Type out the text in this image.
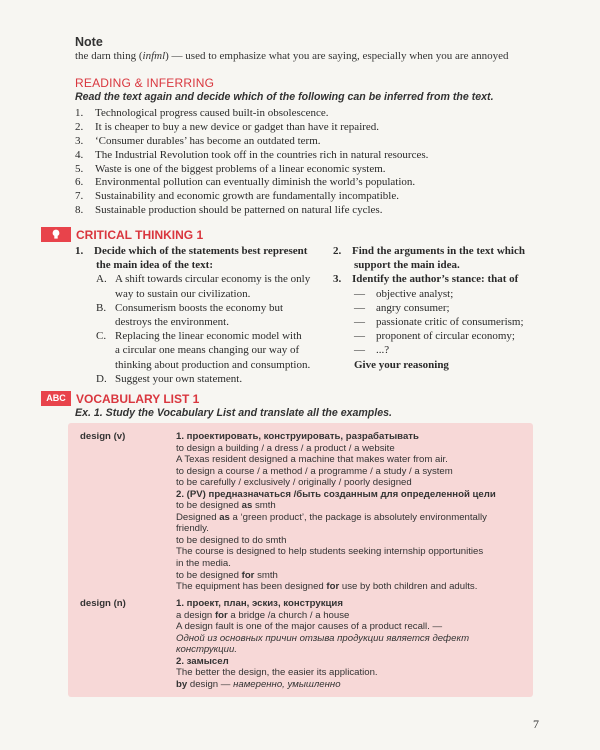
Note
the darn thing (infml) — used to emphasize what you are saying, especially when you are annoyed
READING & INFERRING
Read the text again and decide which of the following can be inferred from the text.
1. Technological progress caused built-in obsolescence.
2. It is cheaper to buy a new device or gadget than have it repaired.
3. ‘Consumer durables’ has become an outdated term.
4. The Industrial Revolution took off in the countries rich in natural resources.
5. Waste is one of the biggest problems of a linear economic system.
6. Environmental pollution can eventually diminish the world’s population.
7. Sustainability and economic growth are fundamentally incompatible.
8. Sustainable production should be patterned on natural life cycles.
CRITICAL THINKING 1
1. Decide which of the statements best represent
the main idea of the text:
A. A shift towards circular economy is the only
way to sustain our civilization.
B. Consumerism boosts the economy but
destroys the environment.
C. Replacing the linear economic model with
a circular one means changing our way of
thinking about production and consumption.
D. Suggest your own statement.
2. Find the arguments in the text which
support the main idea.
3. Identify the author’s stance: that of
— objective analyst;
— angry consumer;
— passionate critic of consumerism;
— proponent of circular economy;
— ...?
Give your reasoning
ABC VOCABULARY LIST 1
Ex. 1. Study the Vocabulary List and translate all the examples.
design (v)	1. проектировать, конструировать, разрабатывать
to design a building / a dress / a product / a website
A Texas resident designed a machine that makes water from air.
to design a course / a method / a programme / a study / a system
to be carefully / exclusively / originally / poorly designed
2. (PV) предназначаться /быть созданным для определенной цели
to be designed as smth
Designed as a ‘green product’, the package is absolutely environmentally
friendly.
to be designed to do smth
The course is designed to help students seeking internship opportunities
in the media.
to be designed for smth
The equipment has been designed for use by both children and adults.
design (n)	1. проект, план, эскиз, конструкция
a design for a bridge /a church / a house
A design fault is one of the major causes of a product recall. —
Одной из основных причин отзыва продукции является дефект
конструкции.
2. замысел
The better the design, the easier its application.
by design — намеренно, умышленно
7
